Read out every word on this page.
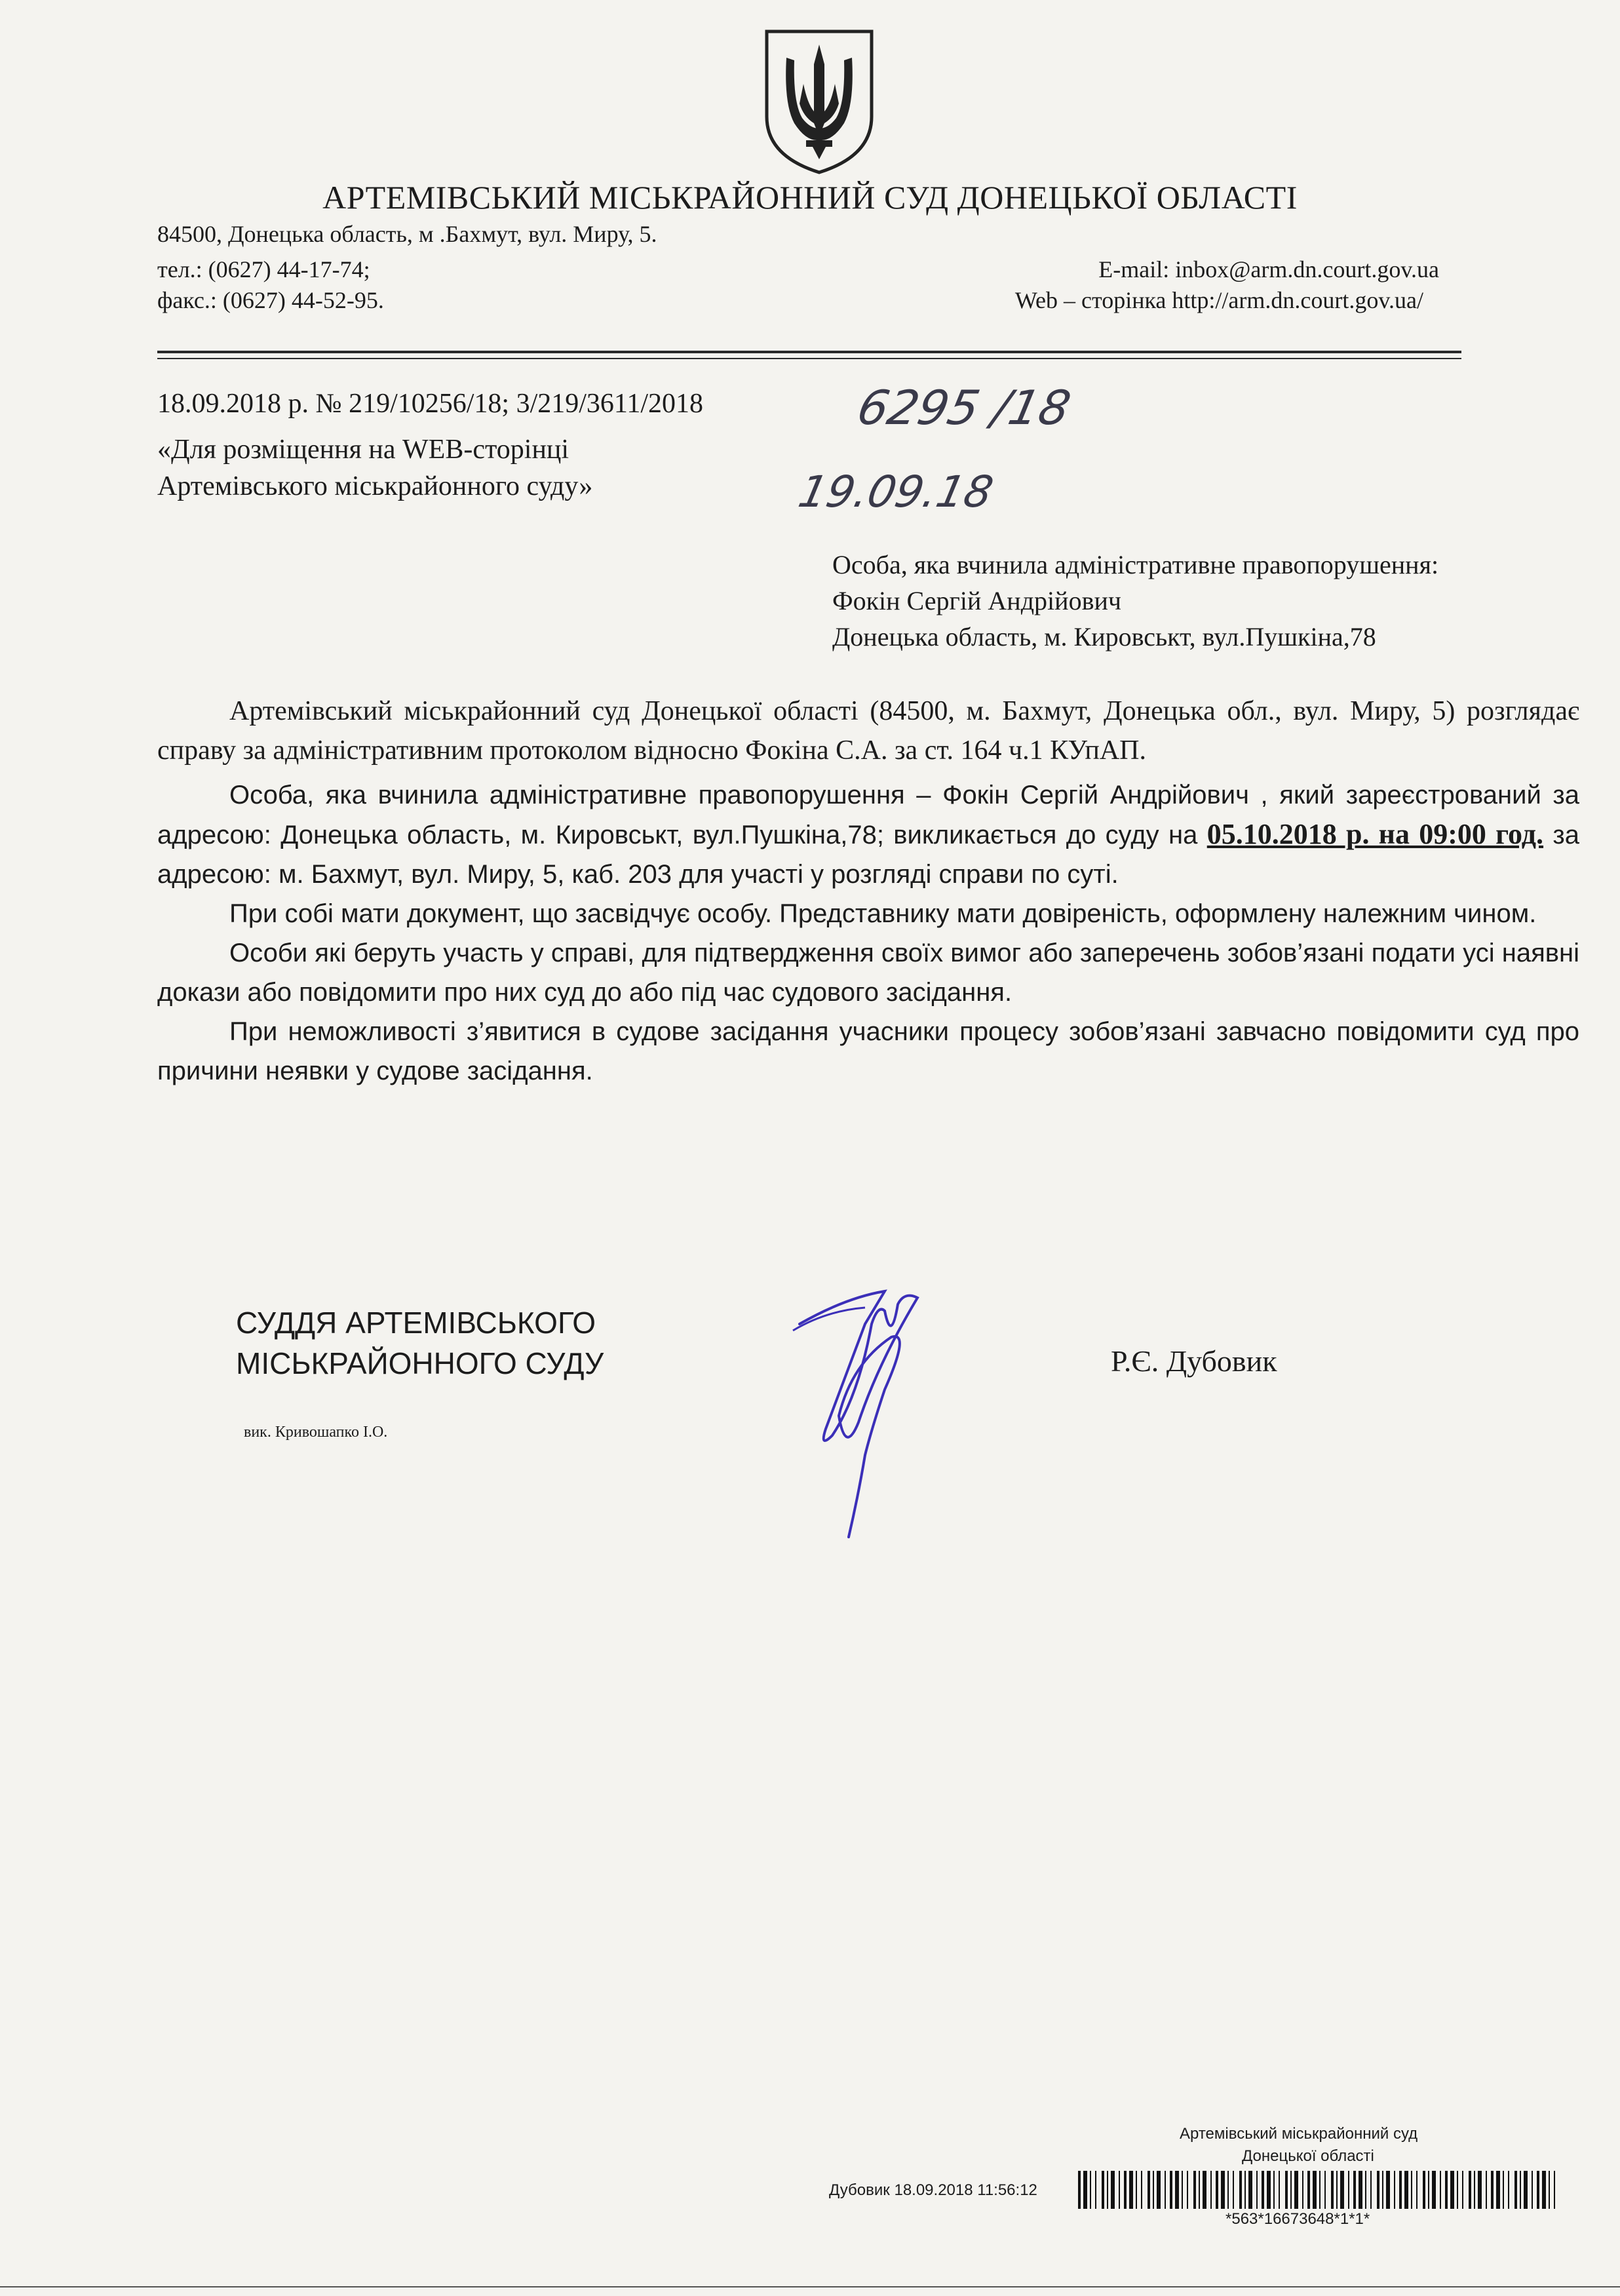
АРТЕМІВСЬКИЙ МІСЬКРАЙОННИЙ СУД ДОНЕЦЬКОЇ ОБЛАСТІ
84500, Донецька область, м .Бахмут, вул. Миру, 5.
тел.: (0627) 44-17-74;
факс.: (0627) 44-52-95.
E-mail: inbox@arm.dn.court.gov.ua
Web – сторінка http://arm.dn.court.gov.ua/
18.09.2018 р. № 219/10256/18; 3/219/3611/2018
«Для розміщення на WEB-сторінці
Артемівського міськрайонного суду»
6295 /18
19.09.18
Особа, яка вчинила адміністративне правопорушення:
Фокін Сергій Андрійович
Донецька область, м. Кировськт, вул.Пушкіна,78

Артемівський міськрайонний суд Донецької області (84500, м. Бахмут, Донецька обл., вул. Миру, 5) розглядає справу за адміністративним протоколом відносно Фокіна С.А. за ст. 164 ч.1 КУпАП.

Особа, яка вчинила адміністративне правопорушення – Фокін Сергій Андрійович , який зареєстрований за адресою: Донецька область, м. Кировськт, вул.Пушкіна,78; викликається до суду на 05.10.2018 р. на 09:00 год. за адресою: м. Бахмут, вул. Миру, 5, каб. 203 для участі у розгляді справи по суті.

При собі мати документ, що засвідчує особу. Представнику мати довіреність, оформлену належним чином.

Особи які беруть участь у справі, для підтвердження своїх вимог або заперечень зобов’язані подати усі наявні докази або повідомити про них суд до або під час судового засідання.

При неможливості з’явитися в судове засідання учасники процесу зобов’язані завчасно повідомити суд про причини неявки у судове засідання.

СУДДЯ АРТЕМІВСЬКОГО
МІСЬКРАЙОННОГО СУДУ
вик. Кривошапко І.О.
Р.Є. Дубовик
Артемівський міськрайонний суд
Донецької області
Дубовик 18.09.2018 11:56:12
*563*16673648*1*1*
